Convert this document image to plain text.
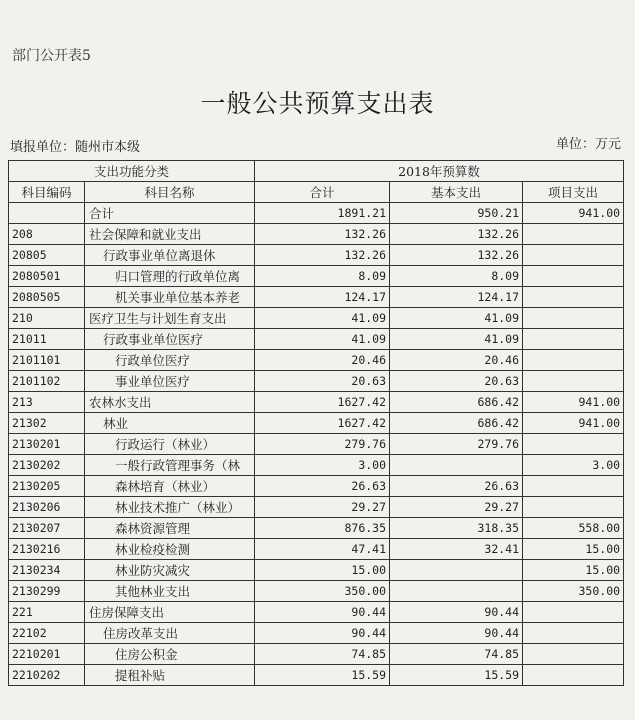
部门公开表5
一般公共预算支出表
填报单位：随州市本级	单位：万元
支出功能分类		2018年预算数		
科目编码	科目名称	合计	基本支出	项目支出
	合计	1891.21	950.21	941.00
208	社会保障和就业支出	132.26	132.26	
20805	行政事业单位离退休	132.26	132.26	
2080501	归口管理的行政单位离	8.09	8.09	
2080505	机关事业单位基本养老	124.17	124.17	
210	医疗卫生与计划生育支出	41.09	41.09	
21011	行政事业单位医疗	41.09	41.09	
2101101	行政单位医疗	20.46	20.46	
2101102	事业单位医疗	20.63	20.63	
213	农林水支出	1627.42	686.42	941.00
21302	林业	1627.42	686.42	941.00
2130201	行政运行（林业）	279.76	279.76	
2130202	一般行政管理事务（林	3.00		3.00
2130205	森林培育（林业）	26.63	26.63	
2130206	林业技术推广（林业）	29.27	29.27	
2130207	森林资源管理	876.35	318.35	558.00
2130216	林业检疫检测	47.41	32.41	15.00
2130234	林业防灾减灾	15.00		15.00
2130299	其他林业支出	350.00		350.00
221	住房保障支出	90.44	90.44	
22102	住房改革支出	90.44	90.44	
2210201	住房公积金	74.85	74.85	
2210202	提租补贴	15.59	15.59	
